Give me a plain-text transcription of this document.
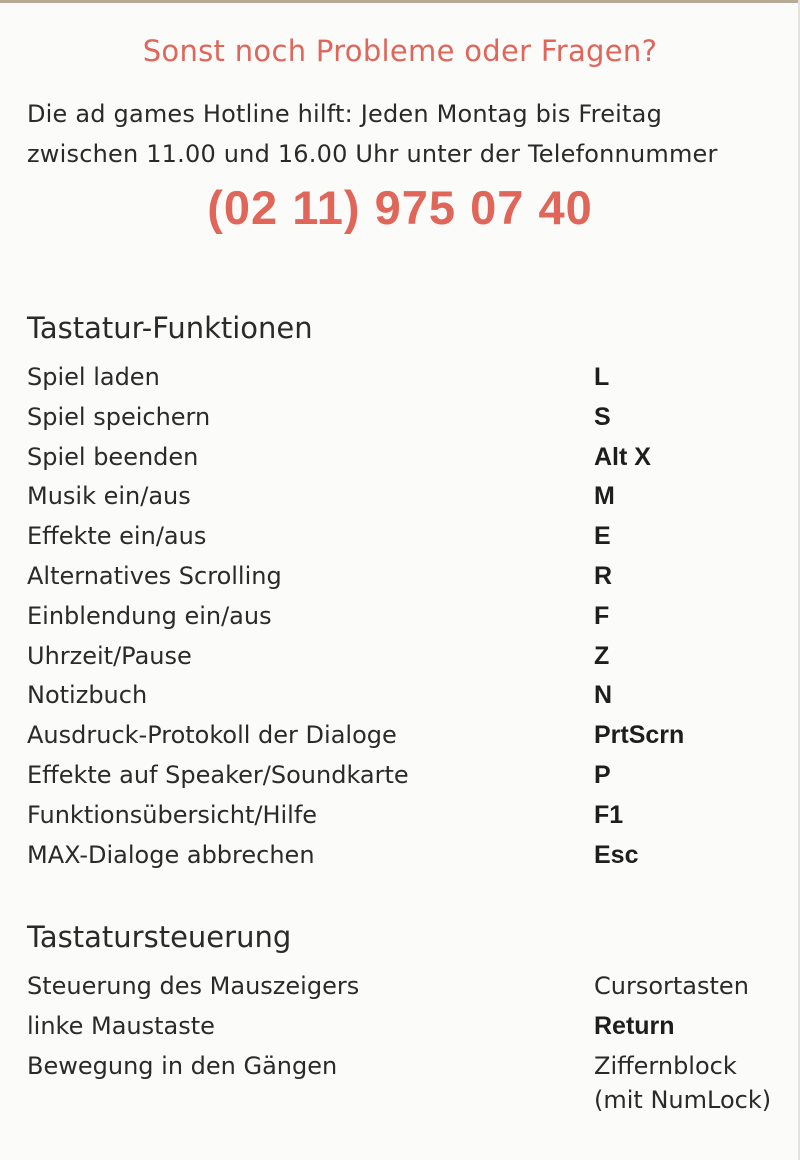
Sonst noch Probleme oder Fragen?
Die ad games Hotline hilft: Jeden Montag bis Freitag
zwischen 11.00 und 16.00 Uhr unter der Telefonnummer
(02 11) 975 07 40
Tastatur-Funktionen
Spiel laden	L
Spiel speichern	S
Spiel beenden	Alt X
Musik ein/aus	M
Effekte ein/aus	E
Alternatives Scrolling	R
Einblendung ein/aus	F
Uhrzeit/Pause	Z
Notizbuch	N
Ausdruck-Protokoll der Dialoge	PrtScrn
Effekte auf Speaker/Soundkarte	P
Funktionsübersicht/Hilfe	F1
MAX-Dialoge abbrechen	Esc
Tastatursteuerung
Steuerung des Mauszeigers	Cursortasten
linke Maustaste	Return
Bewegung in den Gängen	Ziffernblock
(mit NumLock)
